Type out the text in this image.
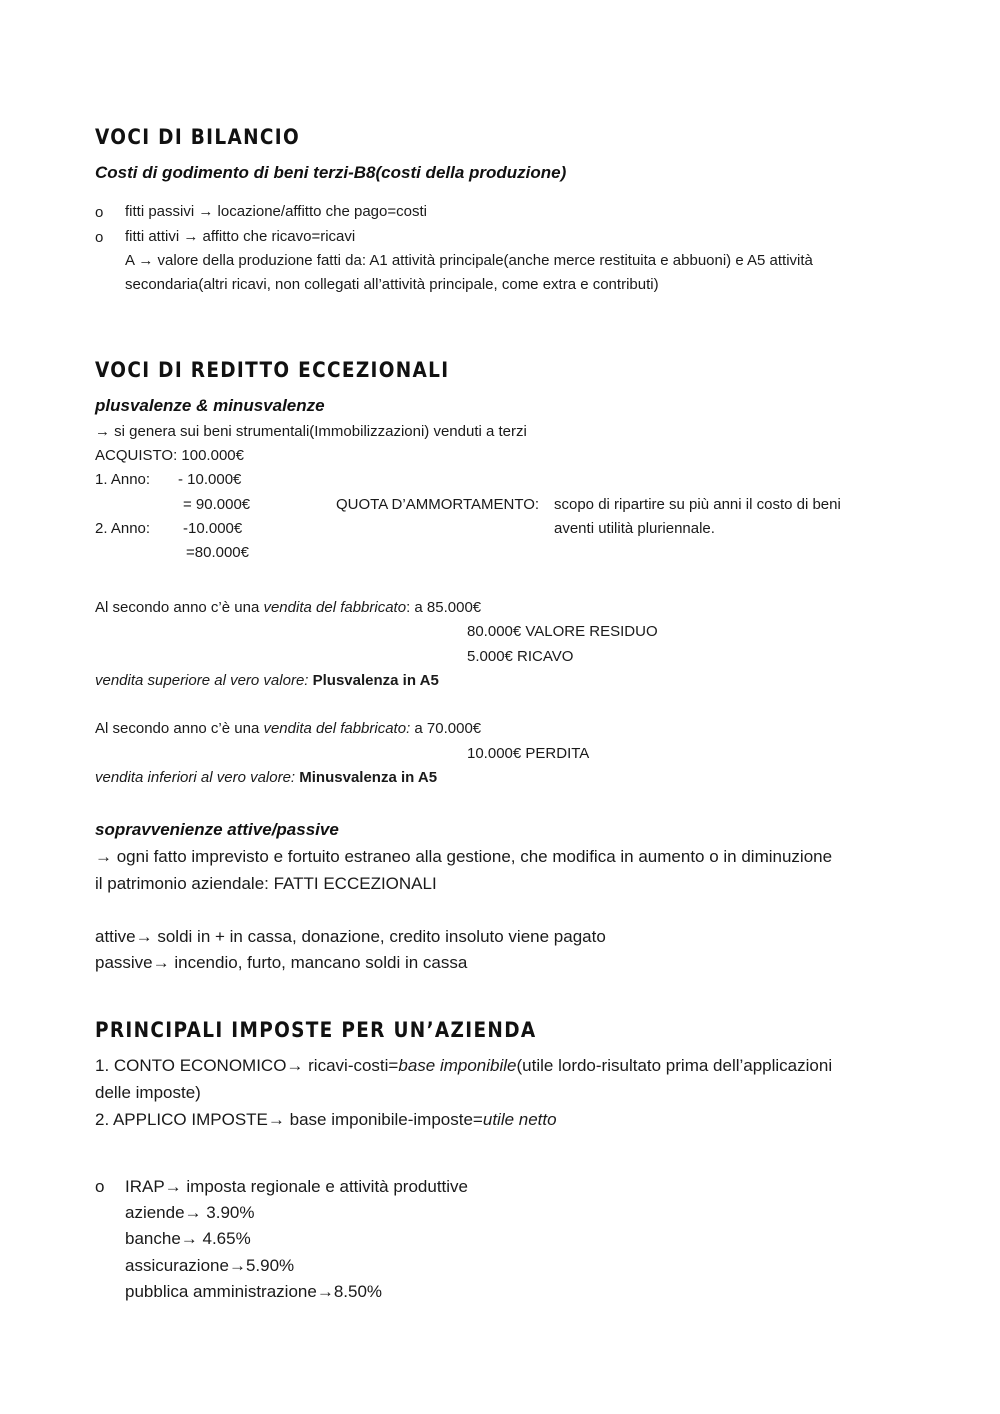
VOCI DI BILANCIO
Costi di godimento di beni terzi-B8(costi della produzione)
o fitti passivi → locazione/affitto che pago=costi
o fitti attivi → affitto che ricavo=ricavi
A → valore della produzione fatti da: A1 attività principale(anche merce restituita e abbuoni) e A5 attività
secondaria(altri ricavi, non collegati all’attività principale, come extra e contributi)
VOCI DI REDITTO ECCEZIONALI
plusvalenze & minusvalenze
→ si genera sui beni strumentali(Immobilizzazioni) venduti a terzi
ACQUISTO: 100.000€
1. Anno: - 10.000€
= 90.000€	QUOTA D’AMMORTAMENTO: scopo di ripartire su più anni il costo di beni
2. Anno: -10.000€	aventi utilità pluriennale.
=80.000€
Al secondo anno c’è una vendita del fabbricato: a 85.000€
80.000€ VALORE RESIDUO
5.000€ RICAVO
vendita superiore al vero valore: Plusvalenza in A5
Al secondo anno c’è una vendita del fabbricato: a 70.000€
10.000€ PERDITA
vendita inferiori al vero valore: Minusvalenza in A5
sopravvenienze attive/passive
→ ogni fatto imprevisto e fortuito estraneo alla gestione, che modifica in aumento o in diminuzione
il patrimonio aziendale: FATTI ECCEZIONALI
attive→ soldi in + in cassa, donazione, credito insoluto viene pagato
passive→ incendio, furto, mancano soldi in cassa
PRINCIPALI IMPOSTE PER UN’AZIENDA
1. CONTO ECONOMICO→ ricavi-costi=base imponibile(utile lordo-risultato prima dell’applicazioni
delle imposte)
2. APPLICO IMPOSTE→ base imponibile-imposte=utile netto
o IRAP→ imposta regionale e attività produttive
aziende→ 3.90%
banche→ 4.65%
assicurazione→5.90%
pubblica amministrazione→8.50%
